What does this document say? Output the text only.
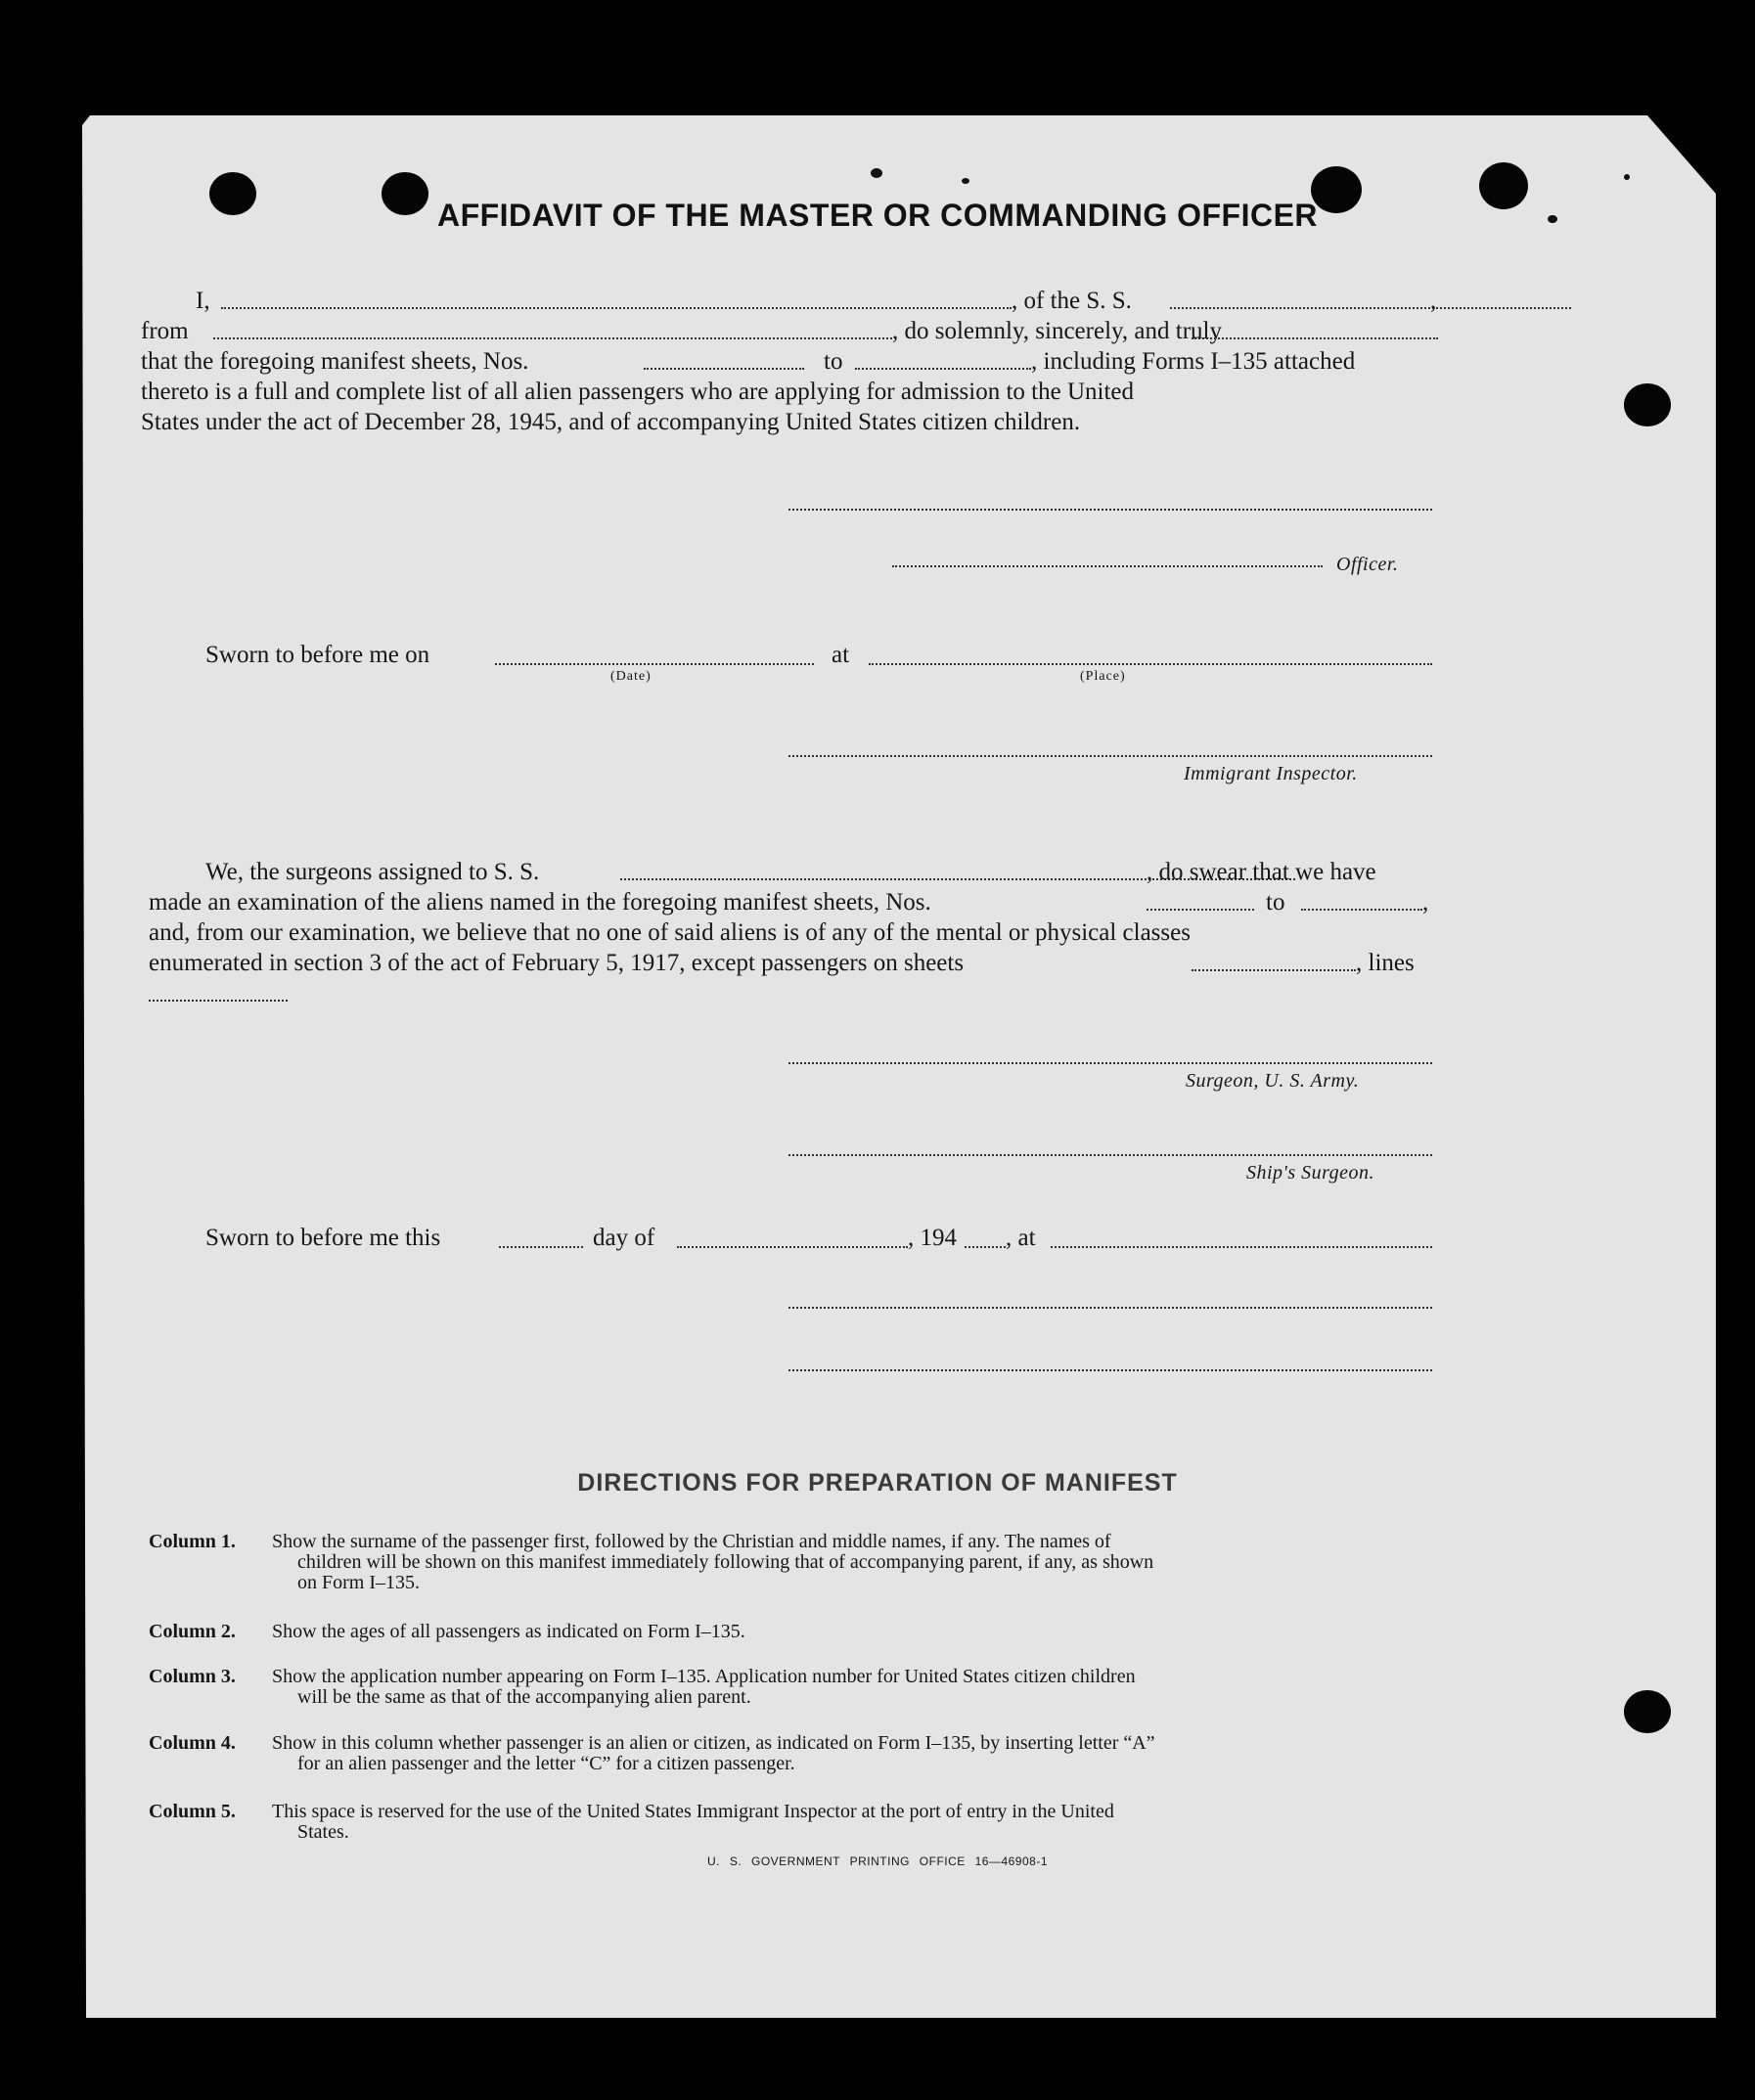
AFFIDAVIT OF THE MASTER OR COMMANDING OFFICER
I,	, of the S. S.	,
from	, do solemnly, sincerely, and truly
that the foregoing manifest sheets, Nos.	to	, including Forms I–135 attached
thereto is a full and complete list of all alien passengers who are applying for admission to the United
States under the act of December 28, 1945, and of accompanying United States citizen children.
Officer.
Sworn to before me on	at
(Date)	(Place)
Immigrant Inspector.
We, the surgeons assigned to S. S.	, do swear that we have
made an examination of the aliens named in the foregoing manifest sheets, Nos.	to	,
and, from our examination, we believe that no one of said aliens is of any of the mental or physical classes
enumerated in section 3 of the act of February 5, 1917, except passengers on sheets	, lines
Surgeon, U. S. Army.
Ship's Surgeon.
Sworn to before me this	day of	, 194 , at
DIRECTIONS FOR PREPARATION OF MANIFEST
Column 1.	Show the surname of the passenger first, followed by the Christian and middle names, if any. The names of
children will be shown on this manifest immediately following that of accompanying parent, if any, as shown
on Form I–135.
Column 2.	Show the ages of all passengers as indicated on Form I–135.
Column 3.	Show the application number appearing on Form I–135. Application number for United States citizen children
will be the same as that of the accompanying alien parent.
Column 4.	Show in this column whether passenger is an alien or citizen, as indicated on Form I–135, by inserting letter “A”
for an alien passenger and the letter “C” for a citizen passenger.
Column 5.	This space is reserved for the use of the United States Immigrant Inspector at the port of entry in the United
States.
U. S. GOVERNMENT PRINTING OFFICE 16—46908-1
